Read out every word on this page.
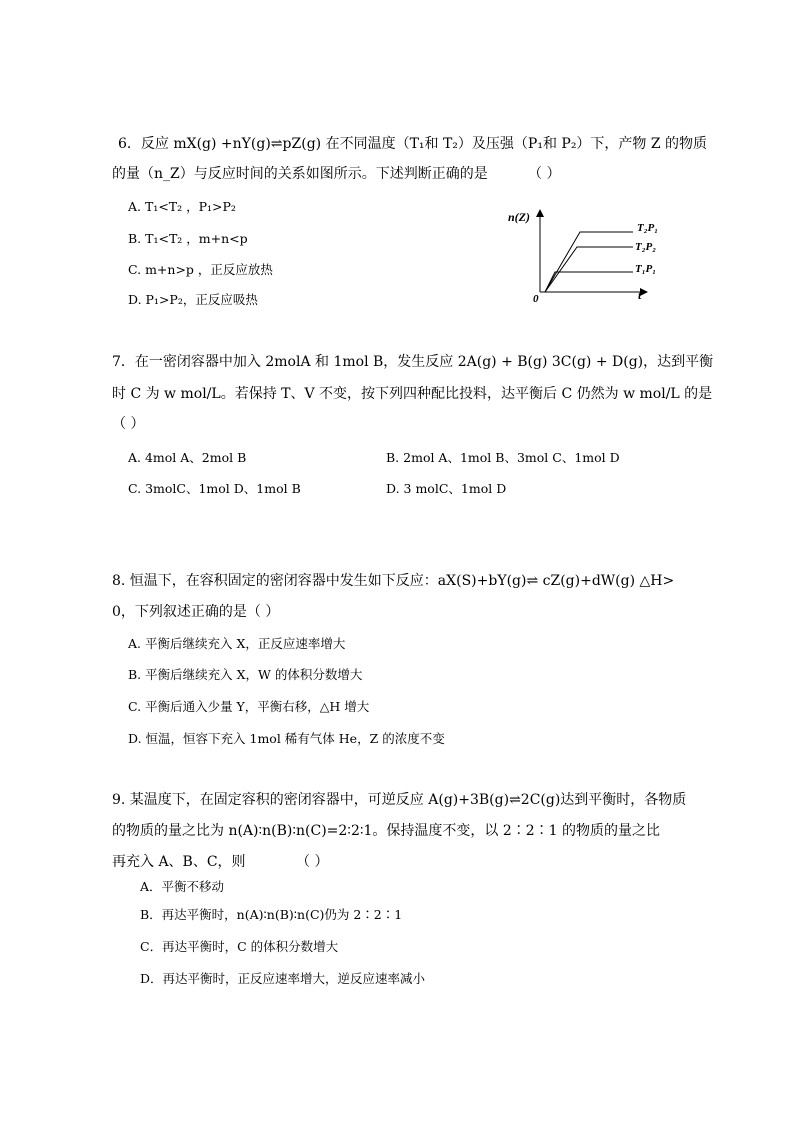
6．反应 mX(g) +nY(g)⇌pZ(g) 在不同温度（T₁和 T₂）及压强（P₁和 P₂）下，产物 Z 的物质
的量（n_Z）与反应时间的关系如图所示。下述判断正确的是	（ ）
A. T₁<T₂ ，P₁>P₂
B. T₁<T₂ ，m+n<p
C. m+n>p ，正反应放热
D. P₁>P₂，正反应吸热
n(Z)
t
0
T₂P₁
T₂P₂
T₁P₁
7．在一密闭容器中加入 2molA 和 1mol B，发生反应 2A(g) + B(g) 3C(g) + D(g)，达到平衡
时 C 为 w mol/L。若保持 T、V 不变，按下列四种配比投料，达平衡后 C 仍然为 w mol/L 的是
（ ）
A. 4mol A、2mol B	B. 2mol A、1mol B、3mol C、1mol D
C. 3molC、1mol D、1mol B	D. 3 molC、1mol D
8. 恒温下，在容积固定的密闭容器中发生如下反应：aX(S)+bY(g)⇌ cZ(g)+dW(g) △H>
0，下列叙述正确的是（ ）
A. 平衡后继续充入 X，正反应速率增大
B. 平衡后继续充入 X，W 的体积分数增大
C. 平衡后通入少量 Y，平衡右移，△H 增大
D. 恒温，恒容下充入 1mol 稀有气体 He，Z 的浓度不变
9. 某温度下，在固定容积的密闭容器中，可逆反应 A(g)+3B(g)⇌2C(g)达到平衡时，各物质
的物质的量之比为 n(A)∶n(B)∶n(C)=2∶2∶1。保持温度不变，以 2∶2∶1 的物质的量之比
再充入 A、B、C，则	（ ）
A．平衡不移动
B．再达平衡时，n(A)∶n(B)∶n(C)仍为 2∶2∶1
C．再达平衡时，C 的体积分数增大
D．再达平衡时，正反应速率增大，逆反应速率减小
